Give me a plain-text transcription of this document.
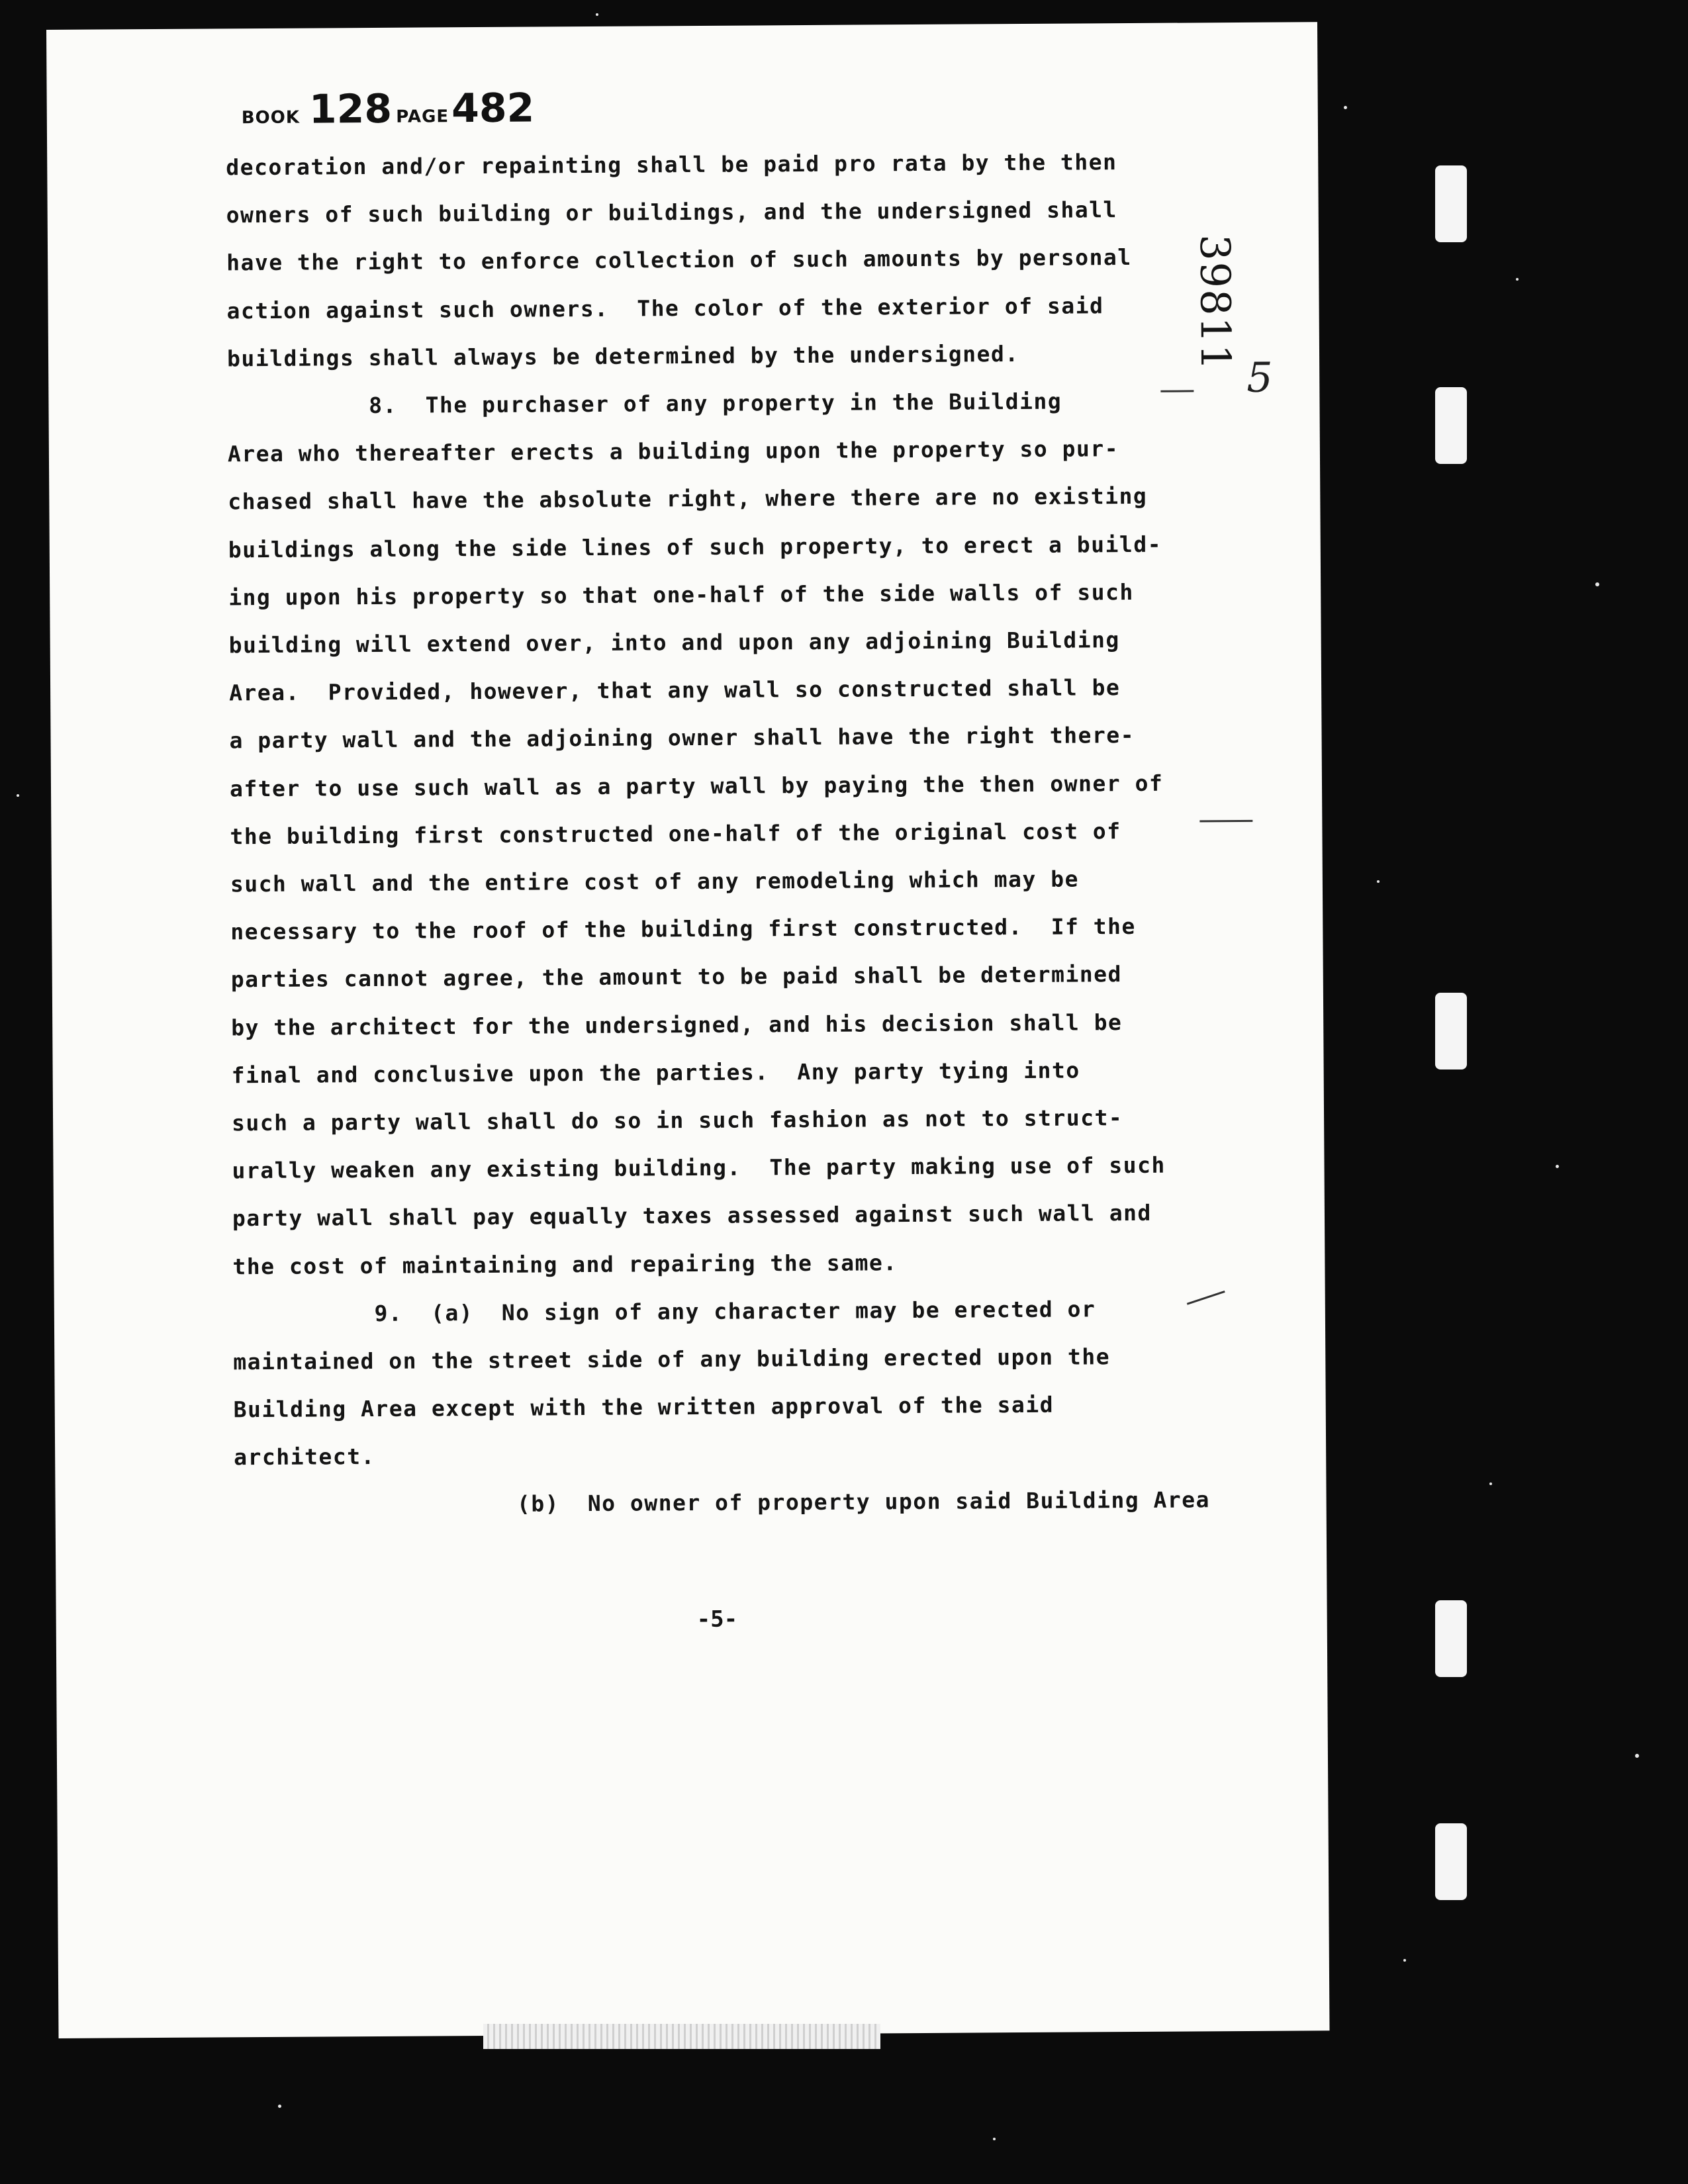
BOOK 128 PAGE482
39811
5
decoration and/or repainting shall be paid pro rata by the then
owners of such building or buildings, and the undersigned shall
have the right to enforce collection of such amounts by personal
action against such owners.  The color of the exterior of said
buildings shall always be determined by the undersigned.
8.  The purchaser of any property in the Building
Area who thereafter erects a building upon the property so pur-
chased shall have the absolute right, where there are no existing
buildings along the side lines of such property, to erect a build-
ing upon his property so that one-half of the side walls of such
building will extend over, into and upon any adjoining Building
Area.  Provided, however, that any wall so constructed shall be
a party wall and the adjoining owner shall have the right there-
after to use such wall as a party wall by paying the then owner of
the building first constructed one-half of the original cost of
such wall and the entire cost of any remodeling which may be
necessary to the roof of the building first constructed.  If the
parties cannot agree, the amount to be paid shall be determined
by the architect for the undersigned, and his decision shall be
final and conclusive upon the parties.  Any party tying into
such a party wall shall do so in such fashion as not to struct-
urally weaken any existing building.  The party making use of such
party wall shall pay equally taxes assessed against such wall and
the cost of maintaining and repairing the same.
9.  (a)  No sign of any character may be erected or
maintained on the street side of any building erected upon the
Building Area except with the written approval of the said
architect.
(b)  No owner of property upon said Building Area
-5-
